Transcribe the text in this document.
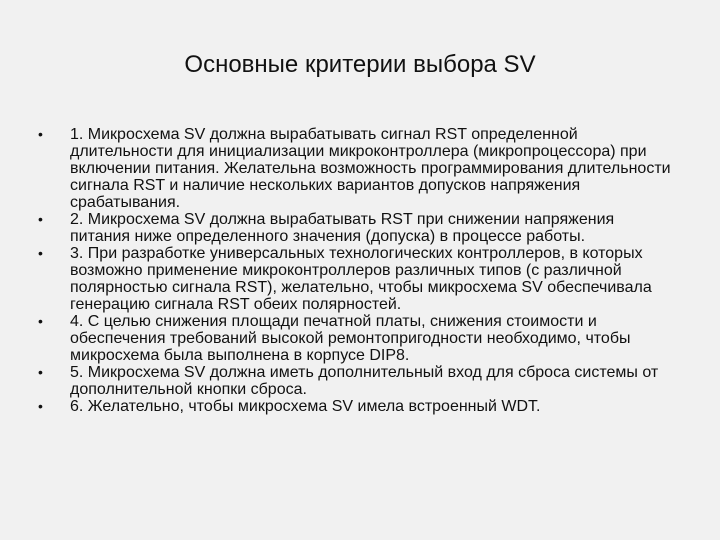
Основные критерии выбора SV
• 1. Микросхема SV должна вырабатывать сигнал RST определенной длительности для инициализации микроконтроллера (микропроцессора) при включении питания. Желательна возможность программирования длительности сигнала RST и наличие нескольких вариантов допусков напряжения срабатывания.
• 2. Микросхема SV должна вырабатывать RST при снижении напряжения питания ниже определенного значения (допуска) в процессе работы.
• 3. При разработке универсальных технологических контроллеров, в которых возможно применение микроконтроллеров различных типов (с различной полярностью сигнала RST), желательно, чтобы микросхема SV обеспечивала генерацию сигнала RST обеих полярностей.
• 4. С целью снижения площади печатной платы, снижения стоимости и обеспечения требований высокой ремонтопригодности необходимо, чтобы микросхема была выполнена в корпусе DIP8.
• 5. Микросхема SV должна иметь дополнительный вход для сброса системы от дополнительной кнопки сброса.
• 6. Желательно, чтобы микросхема SV имела встроенный WDT.
